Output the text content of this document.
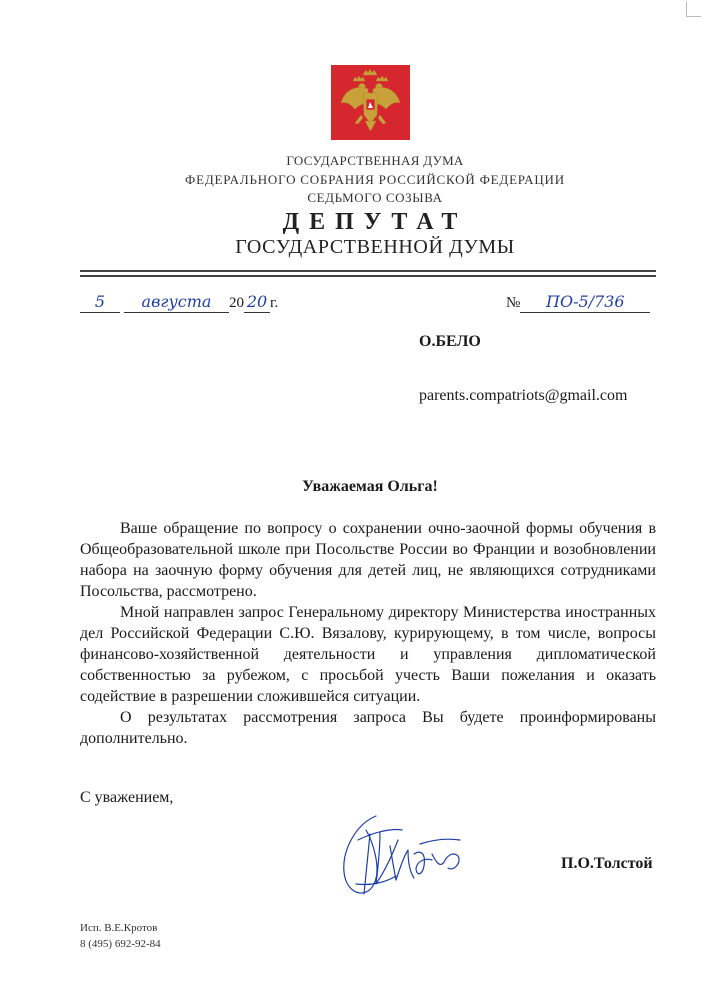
ГОСУДАРСТВЕННАЯ ДУМА
ФЕДЕРАЛЬНОГО СОБРАНИЯ РОССИЙСКОЙ ФЕДЕРАЦИИ
СЕДЬМОГО СОЗЫВА
ДЕПУТАТ
ГОСУДАРСТВЕННОЙ ДУМЫ
5 августа 20 20 г.	№ ПО-5/736
О.БЕЛО
parents.compatriots@gmail.com
Уважаемая Ольга!

Ваше обращение по вопросу о сохранении очно-заочной формы обучения в Общеобразовательной школе при Посольстве России во Франции и возобновлении набора на заочную форму обучения для детей лиц, не являющихся сотрудниками Посольства, рассмотрено.

Мной направлен запрос Генеральному директору Министерства иностранных дел Российской Федерации С.Ю. Вязалову, курирующему, в том числе, вопросы финансово-хозяйственной деятельности и управления дипломатической собственностью за рубежом, с просьбой учесть Ваши пожелания и оказать содействие в разрешении сложившейся ситуации.

О результатах рассмотрения запроса Вы будете проинформированы дополнительно.

С уважением,
П.О.Толстой
Исп. В.Е.Кротов
8 (495) 692-92-84
